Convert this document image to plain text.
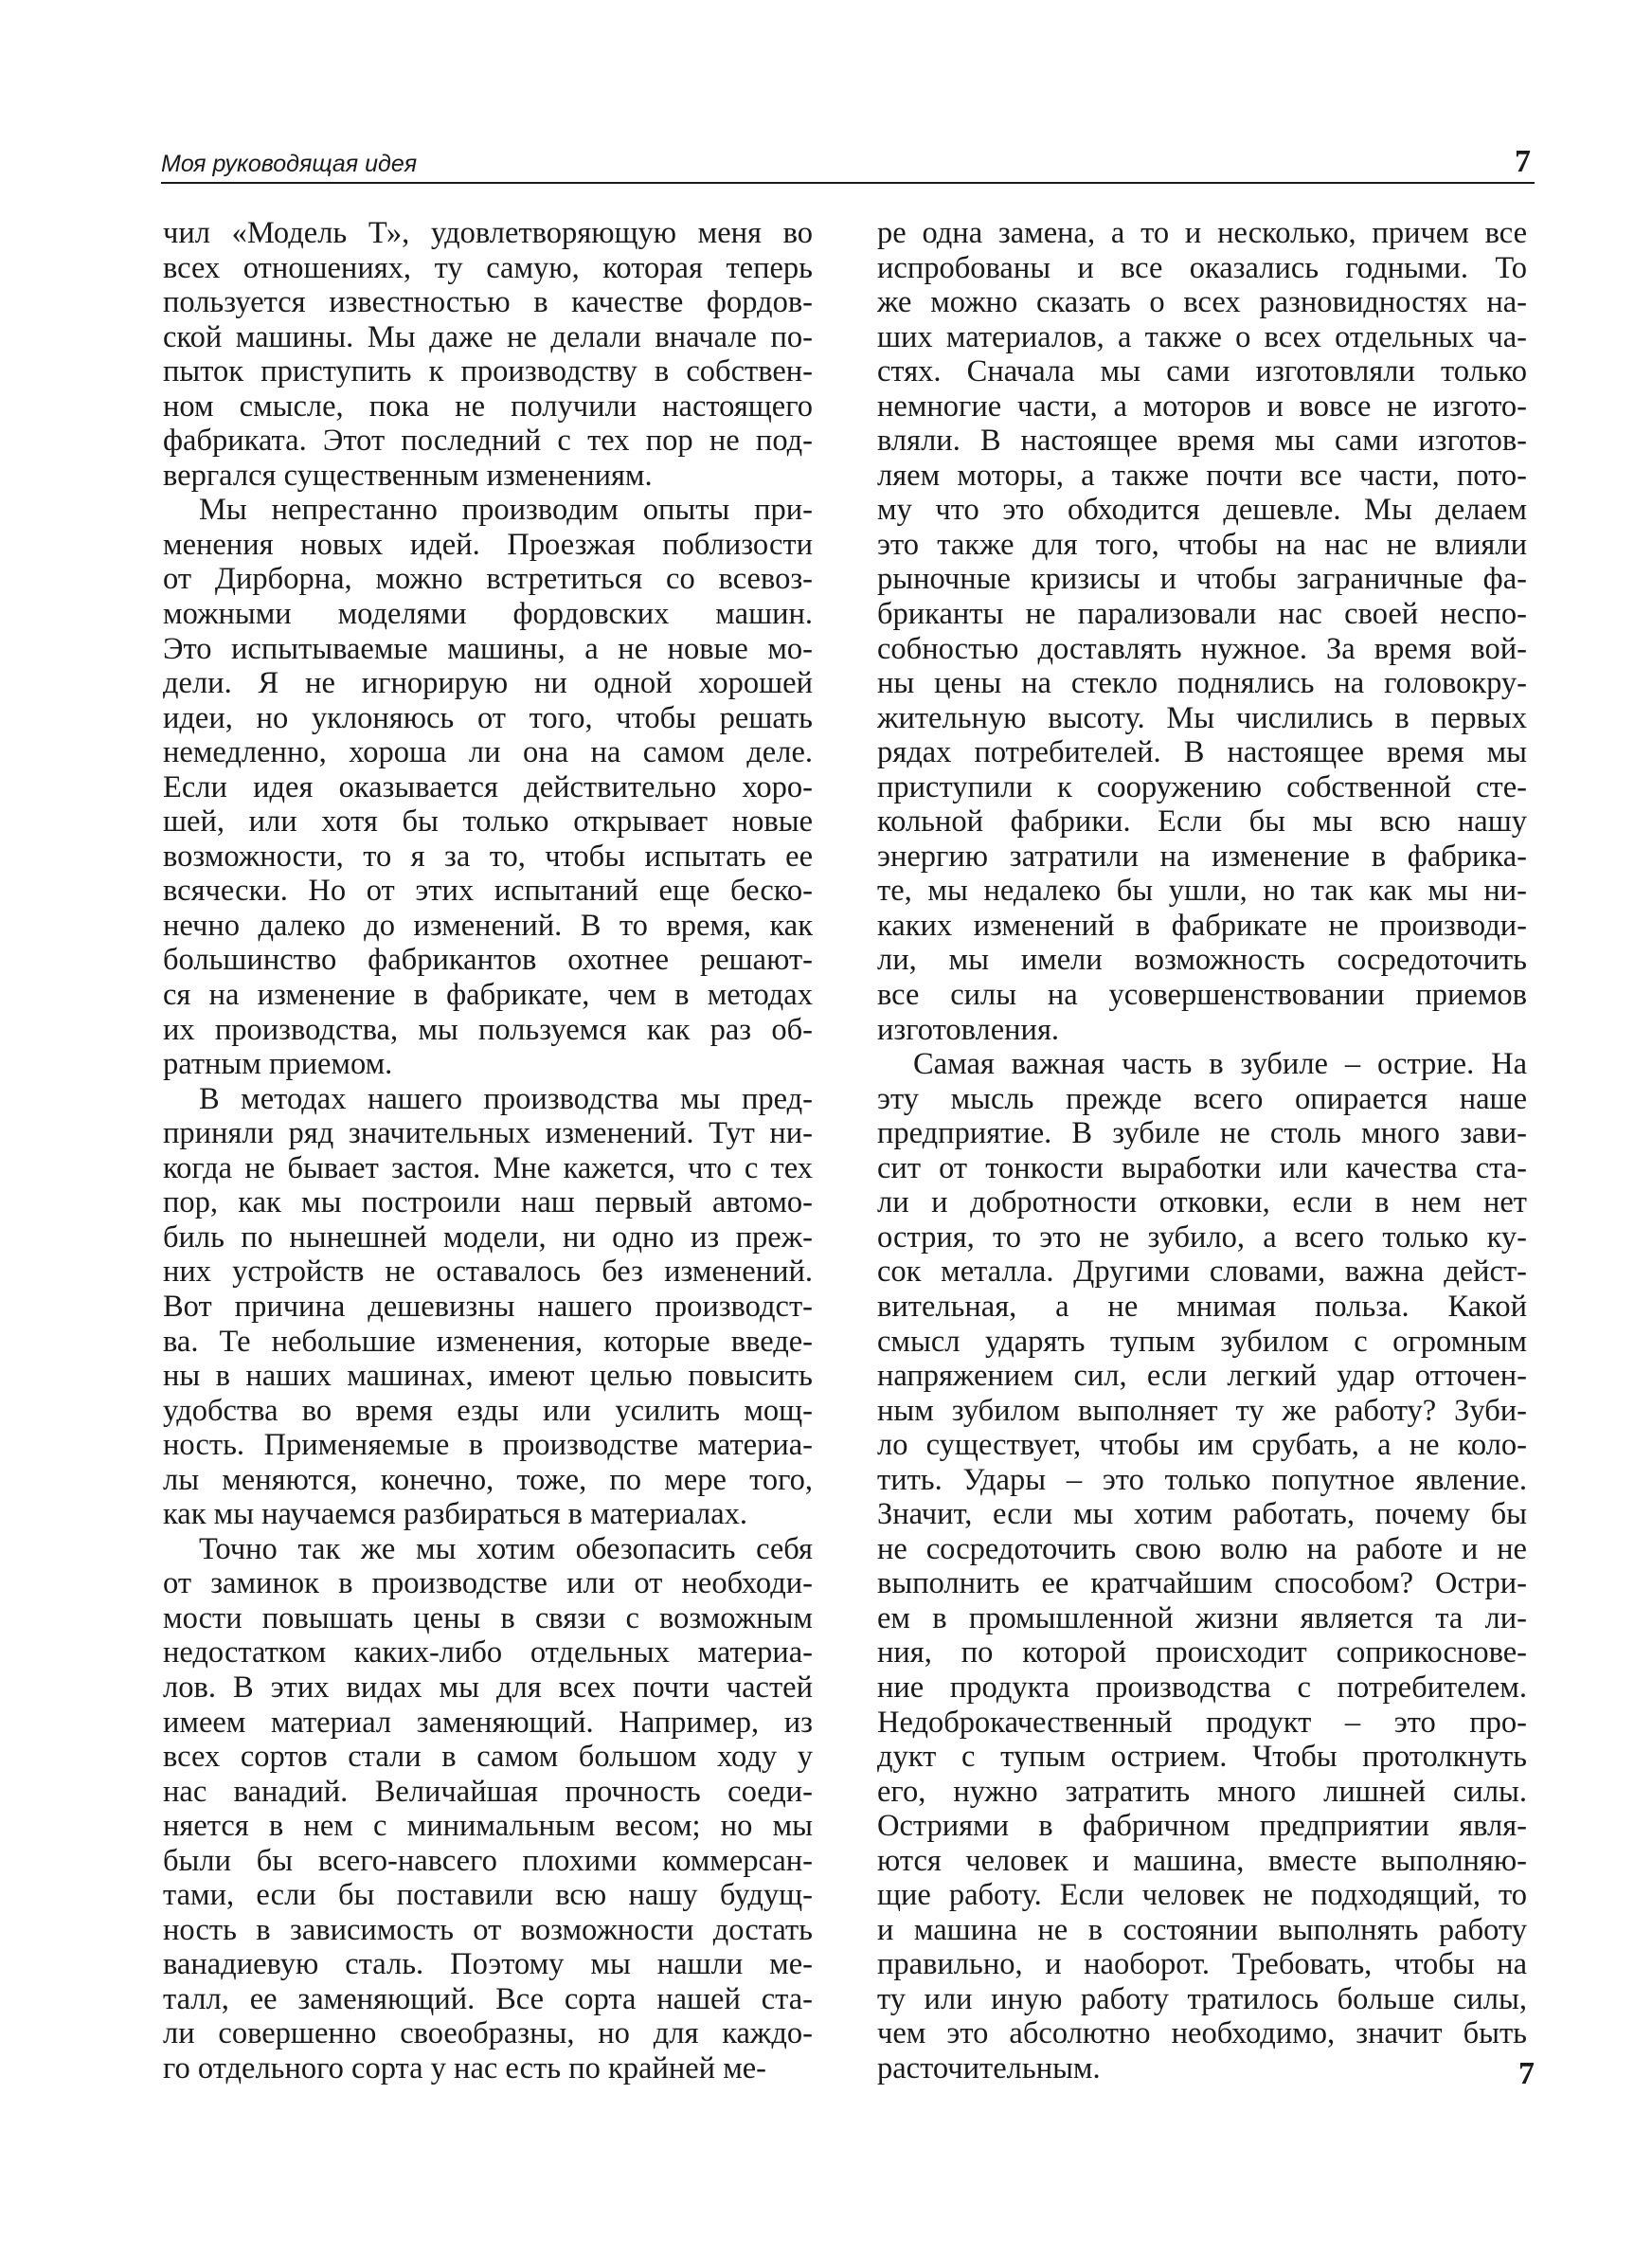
Моя руководящая идея	7
чил «Модель Т», удовлетворяющую меня во
всех отношениях, ту самую, которая теперь
пользуется известностью в качестве фордов-
ской машины. Мы даже не делали вначале по-
пыток приступить к производству в собствен-
ном смысле, пока не получили настоящего
фабриката. Этот последний с тех пор не под-
вергался существенным изменениям.
Мы непрестанно производим опыты при-
менения новых идей. Проезжая поблизости
от Дирборна, можно встретиться со всевоз-
можными моделями фордовских машин.
Это испытываемые машины, а не новые мо-
дели. Я не игнорирую ни одной хорошей
идеи, но уклоняюсь от того, чтобы решать
немедленно, хороша ли она на самом деле.
Если идея оказывается действительно хоро-
шей, или хотя бы только открывает новые
возможности, то я за то, чтобы испытать ее
всячески. Но от этих испытаний еще беско-
нечно далеко до изменений. В то время, как
большинство фабрикантов охотнее решают-
ся на изменение в фабрикате, чем в методах
их производства, мы пользуемся как раз об-
ратным приемом.
В методах нашего производства мы пред-
приняли ряд значительных изменений. Тут ни-
когда не бывает застоя. Мне кажется, что с тех
пор, как мы построили наш первый автомо-
биль по нынешней модели, ни одно из преж-
них устройств не оставалось без изменений.
Вот причина дешевизны нашего производст-
ва. Те небольшие изменения, которые введе-
ны в наших машинах, имеют целью повысить
удобства во время езды или усилить мощ-
ность. Применяемые в производстве материа-
лы меняются, конечно, тоже, по мере того,
как мы научаемся разбираться в материалах.
Точно так же мы хотим обезопасить себя
от заминок в производстве или от необходи-
мости повышать цены в связи с возможным
недостатком каких-либо отдельных материа-
лов. В этих видах мы для всех почти частей
имеем материал заменяющий. Например, из
всех сортов стали в самом большом ходу у
нас ванадий. Величайшая прочность соеди-
няется в нем с минимальным весом; но мы
были бы всего-навсего плохими коммерсан-
тами, если бы поставили всю нашу будущ-
ность в зависимость от возможности достать
ванадиевую сталь. Поэтому мы нашли ме-
талл, ее заменяющий. Все сорта нашей ста-
ли совершенно своеобразны, но для каждо-
го отдельного сорта у нас есть по крайней ме-
ре одна замена, а то и несколько, причем все
испробованы и все оказались годными. То
же можно сказать о всех разновидностях на-
ших материалов, а также о всех отдельных ча-
стях. Сначала мы сами изготовляли только
немногие части, а моторов и вовсе не изгото-
вляли. В настоящее время мы сами изготов-
ляем моторы, а также почти все части, пото-
му что это обходится дешевле. Мы делаем
это также для того, чтобы на нас не влияли
рыночные кризисы и чтобы заграничные фа-
бриканты не парализовали нас своей неспо-
собностью доставлять нужное. За время вой-
ны цены на стекло поднялись на головокру-
жительную высоту. Мы числились в первых
рядах потребителей. В настоящее время мы
приступили к сооружению собственной сте-
кольной фабрики. Если бы мы всю нашу
энергию затратили на изменение в фабрика-
те, мы недалеко бы ушли, но так как мы ни-
каких изменений в фабрикате не производи-
ли, мы имели возможность сосредоточить
все силы на усовершенствовании приемов
изготовления.
Самая важная часть в зубиле – острие. На
эту мысль прежде всего опирается наше
предприятие. В зубиле не столь много зави-
сит от тонкости выработки или качества ста-
ли и добротности отковки, если в нем нет
острия, то это не зубило, а всего только ку-
сок металла. Другими словами, важна дейст-
вительная, а не мнимая польза. Какой
смысл ударять тупым зубилом с огромным
напряжением сил, если легкий удар отточен-
ным зубилом выполняет ту же работу? Зуби-
ло существует, чтобы им срубать, а не коло-
тить. Удары – это только попутное явление.
Значит, если мы хотим работать, почему бы
не сосредоточить свою волю на работе и не
выполнить ее кратчайшим способом? Остри-
ем в промышленной жизни является та ли-
ния, по которой происходит соприкоснове-
ние продукта производства с потребителем.
Недоброкачественный продукт – это про-
дукт с тупым острием. Чтобы протолкнуть
его, нужно затратить много лишней силы.
Остриями в фабричном предприятии явля-
ются человек и машина, вместе выполняю-
щие работу. Если человек не подходящий, то
и машина не в состоянии выполнять работу
правильно, и наоборот. Требовать, чтобы на
ту или иную работу тратилось больше силы,
чем это абсолютно необходимо, значит быть
расточительным.	7
